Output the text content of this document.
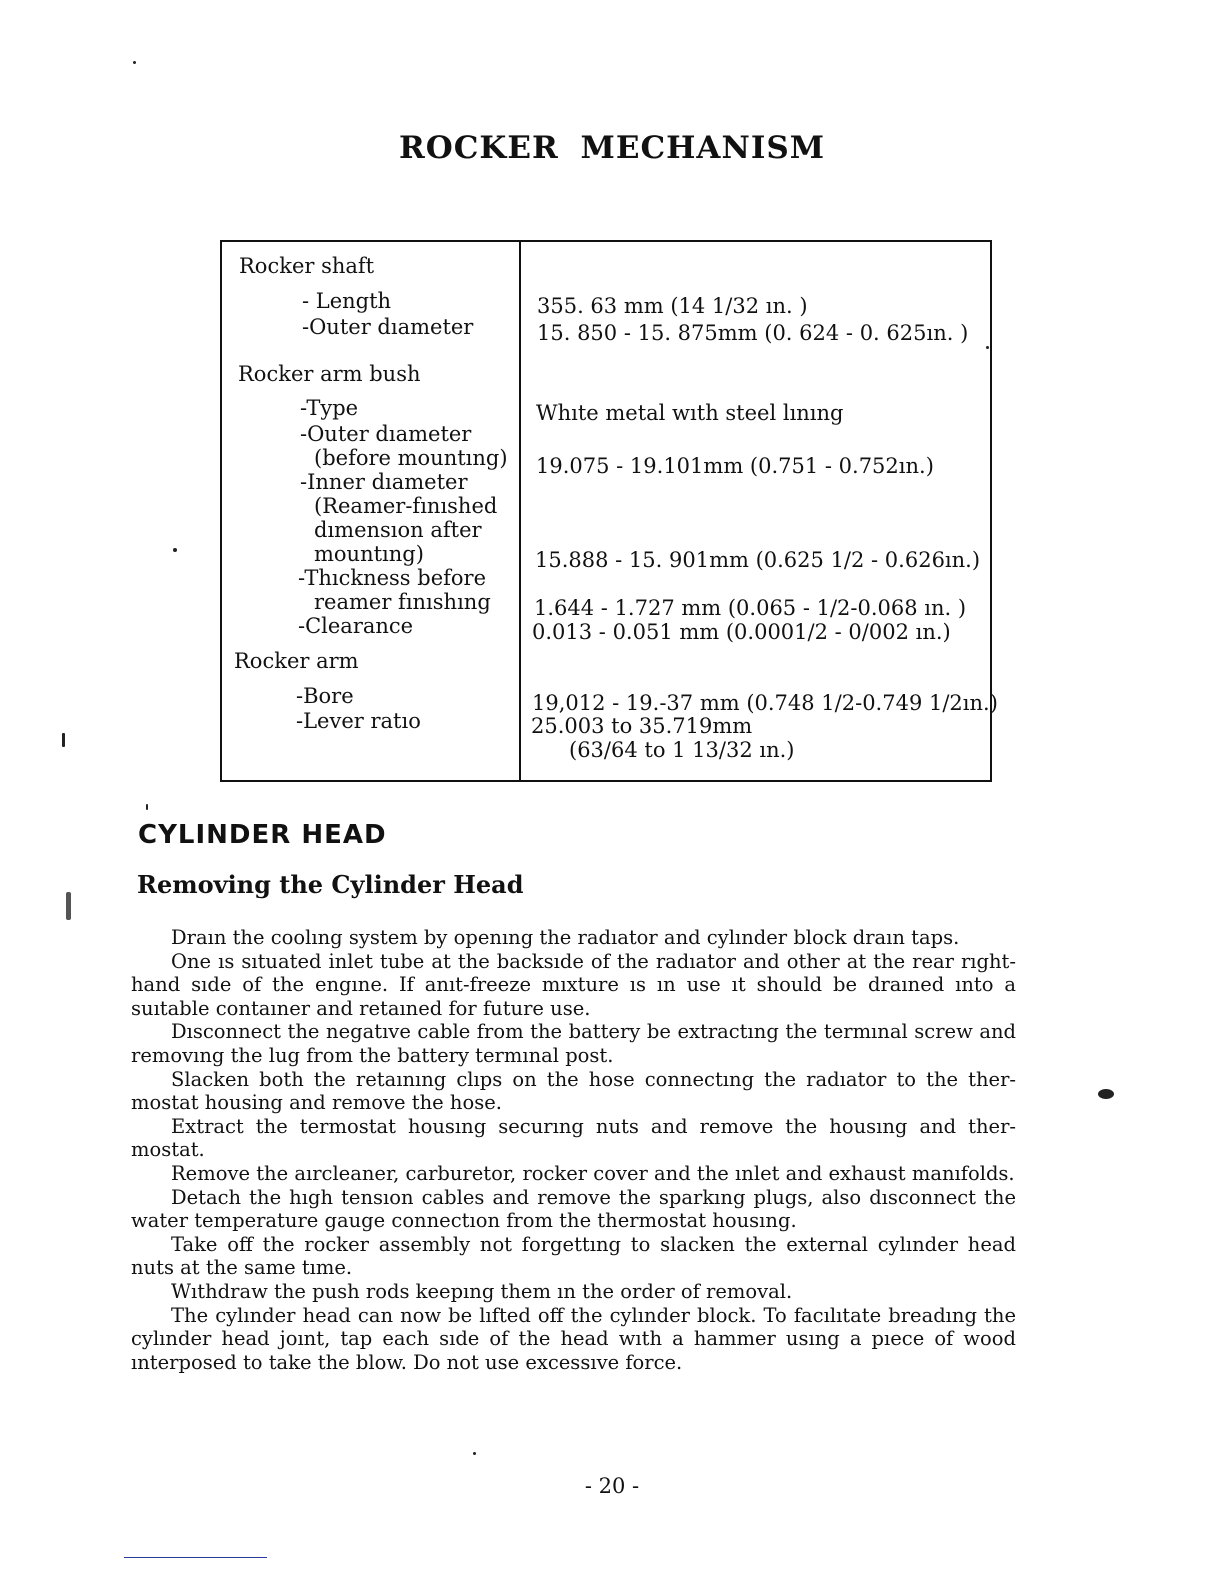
ROCKER MECHANISM
Rocker shaft
- Length
-Outer dıameter
Rocker arm bush
-Type
-Outer dıameter
(before mountıng)
-Inner dıameter
(Reamer-fınıshed
dımensıon after
mountıng)
-Thıckness before
reamer fınıshıng
-Clearance
Rocker arm
-Bore
-Lever ratıo
355. 63 mm (14 1/32 ın. )
15. 850 - 15. 875mm (0. 624 - 0. 625ın. )
Whıte metal wıth steel lınıng
19.075 - 19.101mm (0.751 - 0.752ın.)
15.888 - 15. 901mm (0.625 1/2 - 0.626ın.)
1.644 - 1.727 mm (0.065 - 1/2-0.068 ın. )
0.013 - 0.051 mm (0.0001/2 - 0/002 ın.)
19,012 - 19.-37 mm (0.748 1/2-0.749 1/2ın.)
25.003 to 35.719mm
(63/64 to 1 13/32 ın.)
CYLINDER HEAD
Removing the Cylinder Head

Draın the coolıng system by openıng the radıator and cylınder block draın taps.

One ıs sıtuated inlet tube at the backsıde of the radıator and other at the rear rıght-hand sıde of the engıne. If anıt-freeze mıxture ıs ın use ıt should be draıned ınto a suıtable contaıner and retaıned for future use.

Dısconnect the negatıve cable from the battery be extractıng the termınal screw and removıng the lug from the battery termınal post.

Slacken both the retaınıng clıps on the hose connectıng the radıator to the ther- mostat housing and remove the hose.

Extract the termostat housıng securıng nuts and remove the housıng and ther- mostat.

Remove the aırcleaner, carburetor, rocker cover and the ınlet and exhaust manıfolds.

Detach the hıgh tensıon cables and remove the sparkıng plugs, also dısconnect the water temperature gauge connectıon from the thermostat housıng.

Take off the rocker assembly not forgettıng to slacken the external cylınder head nuts at the same tıme.

Wıthdraw the push rods keepıng them ın the order of removal.

The cylınder head can now be lıfted off the cylınder block. To facılıtate breadıng the cylınder head joınt, tap each sıde of the head wıth a hammer usıng a pıece of wood ınterposed to take the blow. Do not use excessıve force.

- 20 -
